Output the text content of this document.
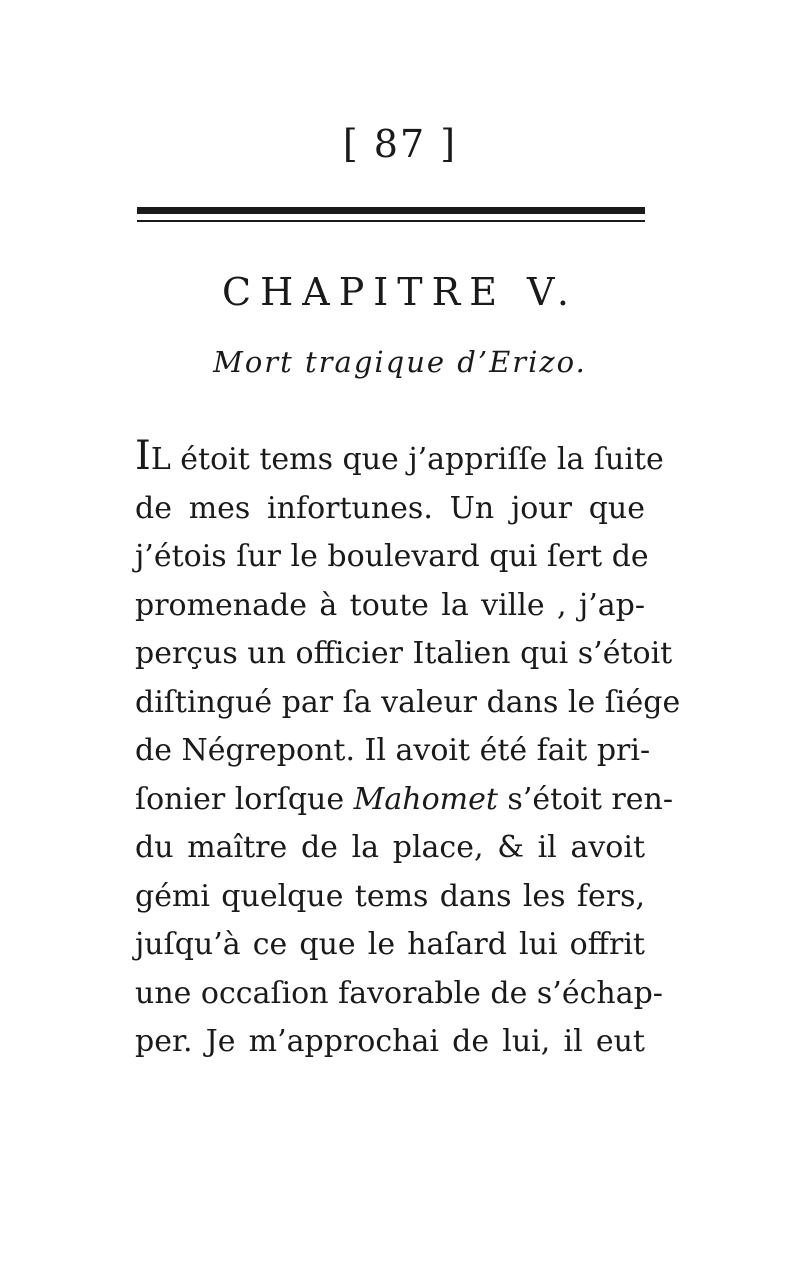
[ 87 ]
CHAPITRE V.
Mort tragique d’Erizo.
IL étoit tems que j’appriſſe la ſuite
de mes infortunes. Un jour que
j’étois ſur le boulevard qui ſert de
promenade à toute la ville , j’ap-
perçus un officier Italien qui s’étoit
diſtingué par ſa valeur dans le ſiége
de Négrepont. Il avoit été fait pri-
ſonier lorſque Mahomet s’étoit ren-
du maître de la place, & il avoit
gémi quelque tems dans les fers,
juſqu’à ce que le haſard lui offrit
une occaſion favorable de s’échap-
per. Je m’approchai de lui, il eut
